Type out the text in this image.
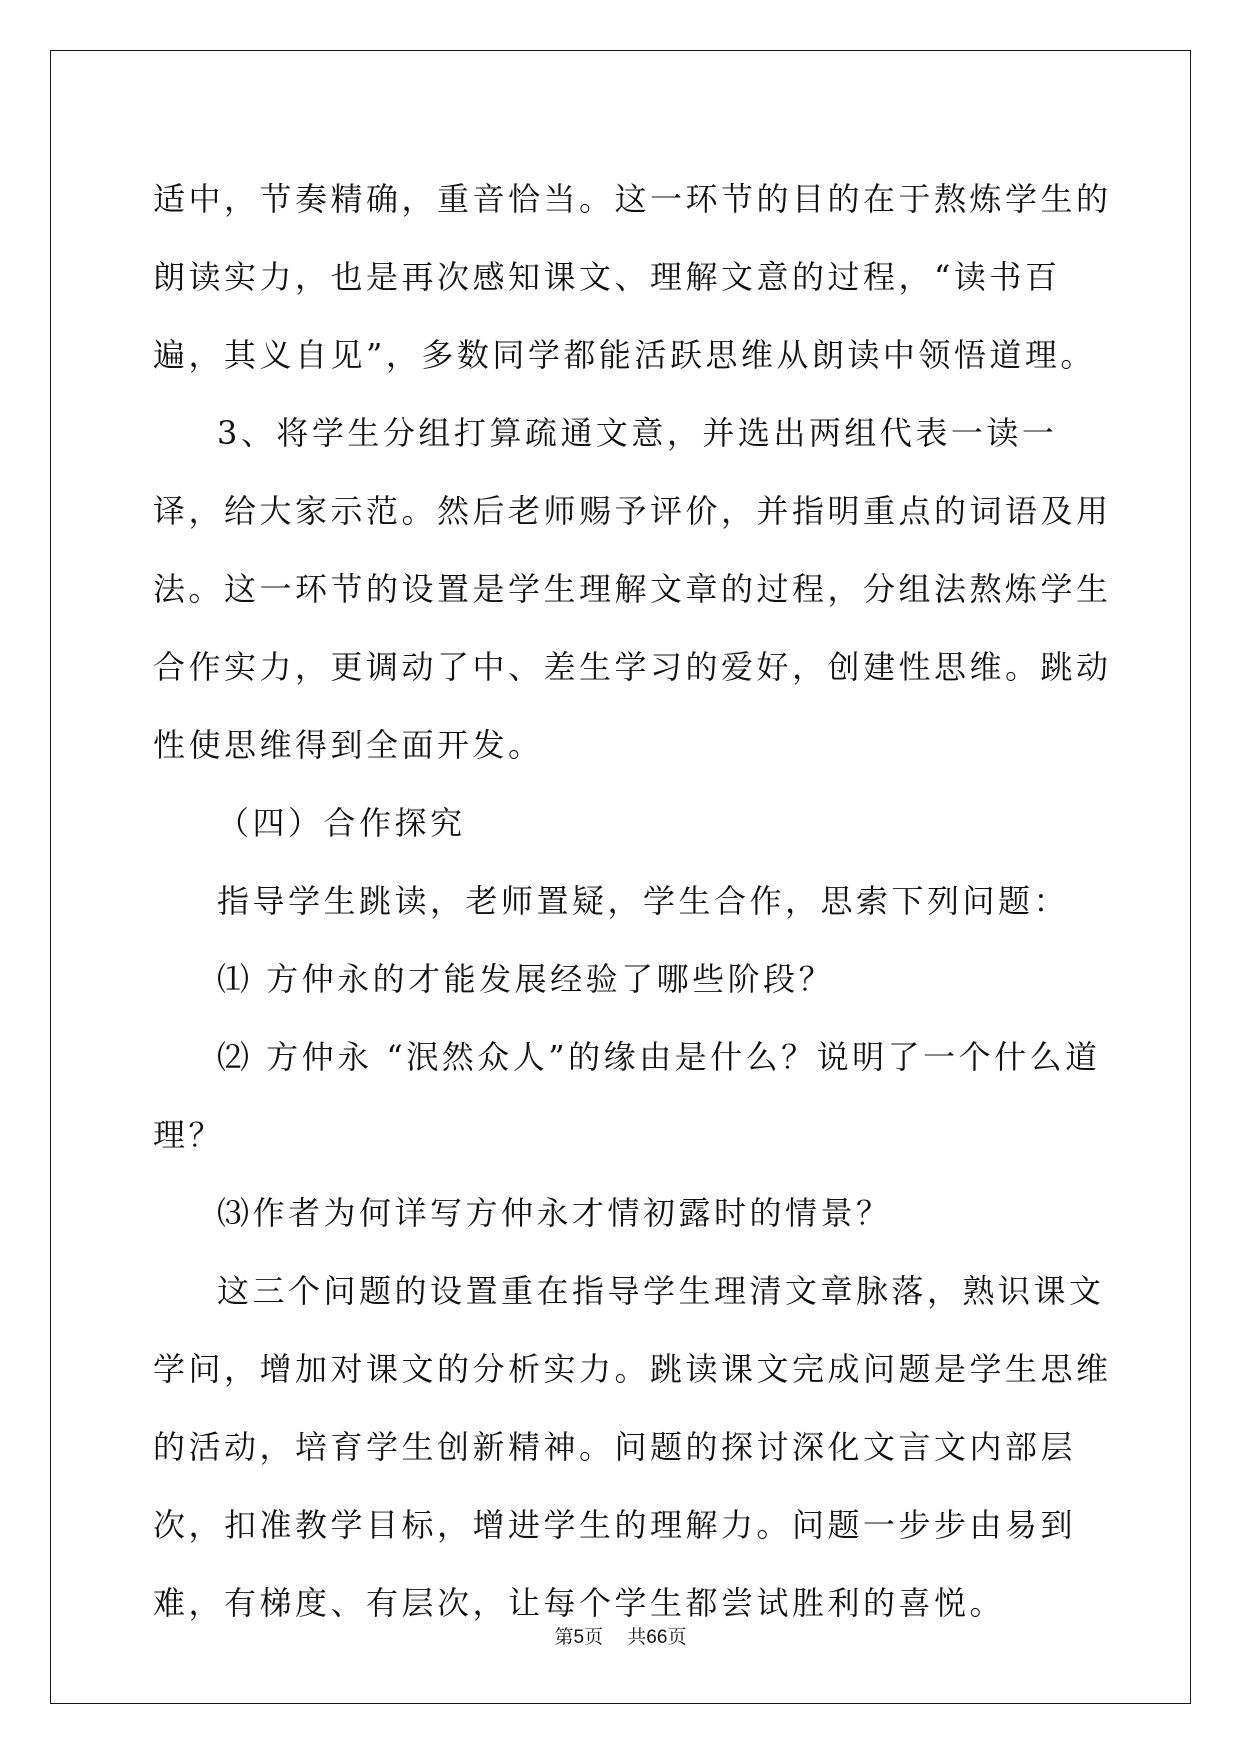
适中，节奏精确，重音恰当。这一环节的目的在于熬炼学生的朗读实力，也是再次感知课文、理解文意的过程，“读书百遍，其义自见”，多数同学都能活跃思维从朗读中领悟道理。

3、将学生分组打算疏通文意，并选出两组代表一读一译，给大家示范。然后老师赐予评价，并指明重点的词语及用法。这一环节的设置是学生理解文章的过程，分组法熬炼学生合作实力，更调动了中、差生学习的爱好，创建性思维。跳动性使思维得到全面开发。

（四）合作探究

指导学生跳读，老师置疑，学生合作，思索下列问题：

⑴ 方仲永的才能发展经验了哪些阶段？

⑵ 方仲永 “泯然众人”的缘由是什么？说明了一个什么道理？

⑶作者为何详写方仲永才情初露时的情景？

这三个问题的设置重在指导学生理清文章脉落，熟识课文学问，增加对课文的分析实力。跳读课文完成问题是学生思维的活动，培育学生创新精神。问题的探讨深化文言文内部层次，扣准教学目标，增进学生的理解力。问题一步步由易到难，有梯度、有层次，让每个学生都尝试胜利的喜悦。

第5页    共66页
